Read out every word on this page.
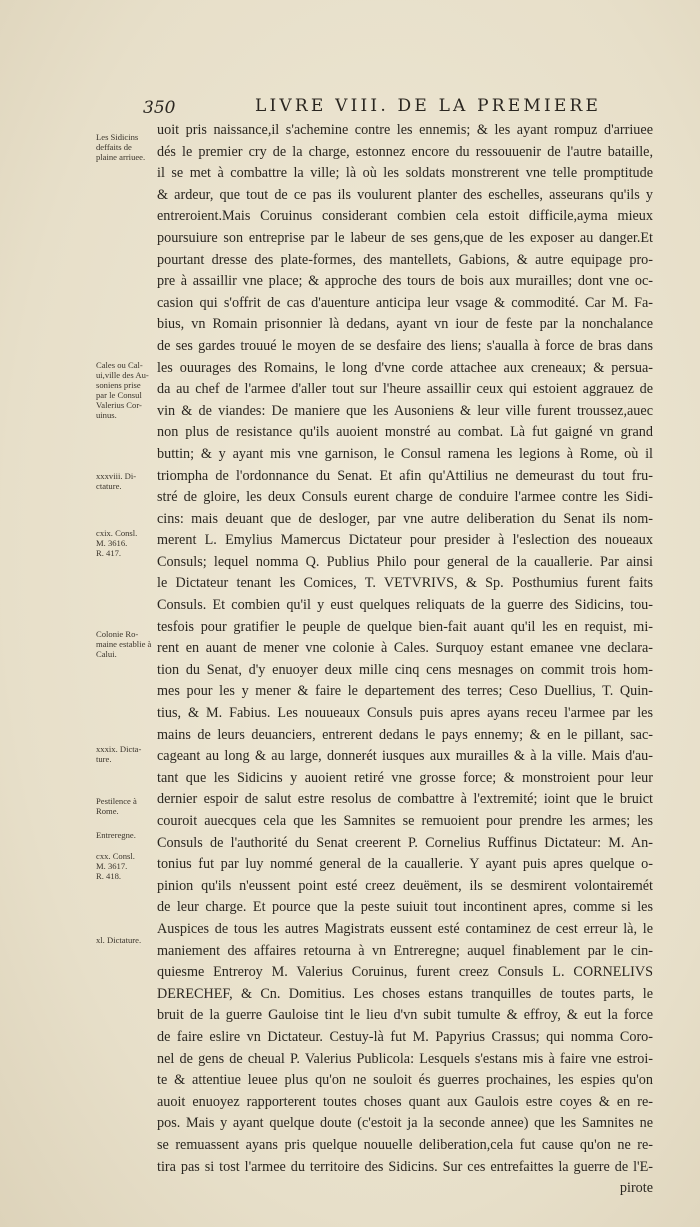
350	LIVRE VIII. DE LA PREMIERE
Les Sidicins
deffaits de
plaine arriuee.
Cales ou Cal-
ui,ville des Au-
soniens prise
par le Consul
Valerius Cor-
uinus.
xxxviii. Di-
ctature.
cxix. Consl.
M. 3616.
R. 417.
Colonie Ro-
maine establie à
Calui.
xxxix. Dicta-
ture.
Pestilence à
Rome.
Entreregne.
cxx. Consl.
M. 3617.
R. 418.
xl. Dictature.
uoit pris naissance,il s'achemine contre les ennemis; & les ayant rompuz d'arriuee
dés le premier cry de la charge, estonnez encore du ressouuenir de l'autre bataille,
il se met à combattre la ville; là où les soldats monstrerent vne telle promptitude
& ardeur, que tout de ce pas ils voulurent planter des eschelles, asseurans qu'ils y
entreroient.Mais Coruinus considerant combien cela estoit difficile,ayma mieux
poursuiure son entreprise par le labeur de ses gens,que de les exposer au danger.Et
pourtant dresse des plate-formes, des mantellets, Gabions, & autre equipage pro-
pre à assaillir vne place; & approche des tours de bois aux murailles; dont vne oc-
casion qui s'offrit de cas d'auenture anticipa leur vsage & commodité. Car M. Fa-
bius, vn Romain prisonnier là dedans, ayant vn iour de feste par la nonchalance
de ses gardes trouué le moyen de se desfaire des liens; s'aualla à force de bras dans
les ouurages des Romains, le long d'vne corde attachee aux creneaux; & persua-
da au chef de l'armee d'aller tout sur l'heure assaillir ceux qui estoient aggrauez de
vin & de viandes: De maniere que les Ausoniens & leur ville furent troussez,auec
non plus de resistance qu'ils auoient monstré au combat. Là fut gaigné vn grand
buttin; & y ayant mis vne garnison, le Consul ramena les legions à Rome, où il
triompha de l'ordonnance du Senat. Et afin qu'Attilius ne demeurast du tout fru-
stré de gloire, les deux Consuls eurent charge de conduire l'armee contre les Sidi-
cins: mais deuant que de desloger, par vne autre deliberation du Senat ils nom-
merent L. Emylius Mamercus Dictateur pour presider à l'eslection des noueaux
Consuls; lequel nomma Q. Publius Philo pour general de la cauallerie. Par ainsi
le Dictateur tenant les Comices, T. VETVRIVS, & Sp. Posthumius furent faits
Consuls. Et combien qu'il y eust quelques reliquats de la guerre des Sidicins, tou-
tesfois pour gratifier le peuple de quelque bien-fait auant qu'il les en requist, mi-
rent en auant de mener vne colonie à Cales. Surquoy estant emanee vne declara-
tion du Senat, d'y enuoyer deux mille cinq cens mesnages on commit trois hom-
mes pour les y mener & faire le departement des terres; Ceso Duellius, T. Quin-
tius, & M. Fabius. Les nouueaux Consuls puis apres ayans receu l'armee par les
mains de leurs deuanciers, entrerent dedans le pays ennemy; & en le pillant, sac-
cageant au long & au large, donnerét iusques aux murailles & à la ville. Mais d'au-
tant que les Sidicins y auoient retiré vne grosse force; & monstroient pour leur
dernier espoir de salut estre resolus de combattre à l'extremité; ioint que le bruict
couroit auecques cela que les Samnites se remuoient pour prendre les armes; les
Consuls de l'authorité du Senat creerent P. Cornelius Ruffinus Dictateur: M. An-
tonius fut par luy nommé general de la cauallerie. Y ayant puis apres quelque o-
pinion qu'ils n'eussent point esté creez deuëment, ils se desmirent volontairemét
de leur charge. Et pource que la peste suiuit tout incontinent apres, comme si les
Auspices de tous les autres Magistrats eussent esté contaminez de cest erreur là, le
maniement des affaires retourna à vn Entreregne; auquel finablement par le cin-
quiesme Entreroy M. Valerius Coruinus, furent creez Consuls L. CORNELIVS
DERECHEF, & Cn. Domitius. Les choses estans tranquilles de toutes parts, le
bruit de la guerre Gauloise tint le lieu d'vn subit tumulte & effroy, & eut la force
de faire eslire vn Dictateur. Cestuy-là fut M. Papyrius Crassus; qui nomma Coro-
nel de gens de cheual P. Valerius Publicola: Lesquels s'estans mis à faire vne estroi-
te & attentiue leuee plus qu'on ne souloit és guerres prochaines, les espies qu'on
auoit enuoyez rapporterent toutes choses quant aux Gaulois estre coyes & en re-
pos. Mais y ayant quelque doute (c'estoit ja la seconde annee) que les Samnites ne
se remuassent ayans pris quelque nouuelle deliberation,cela fut cause qu'on ne re-
tira pas si tost l'armee du territoire des Sidicins. Sur ces entrefaittes la guerre de l'E-
pirote
